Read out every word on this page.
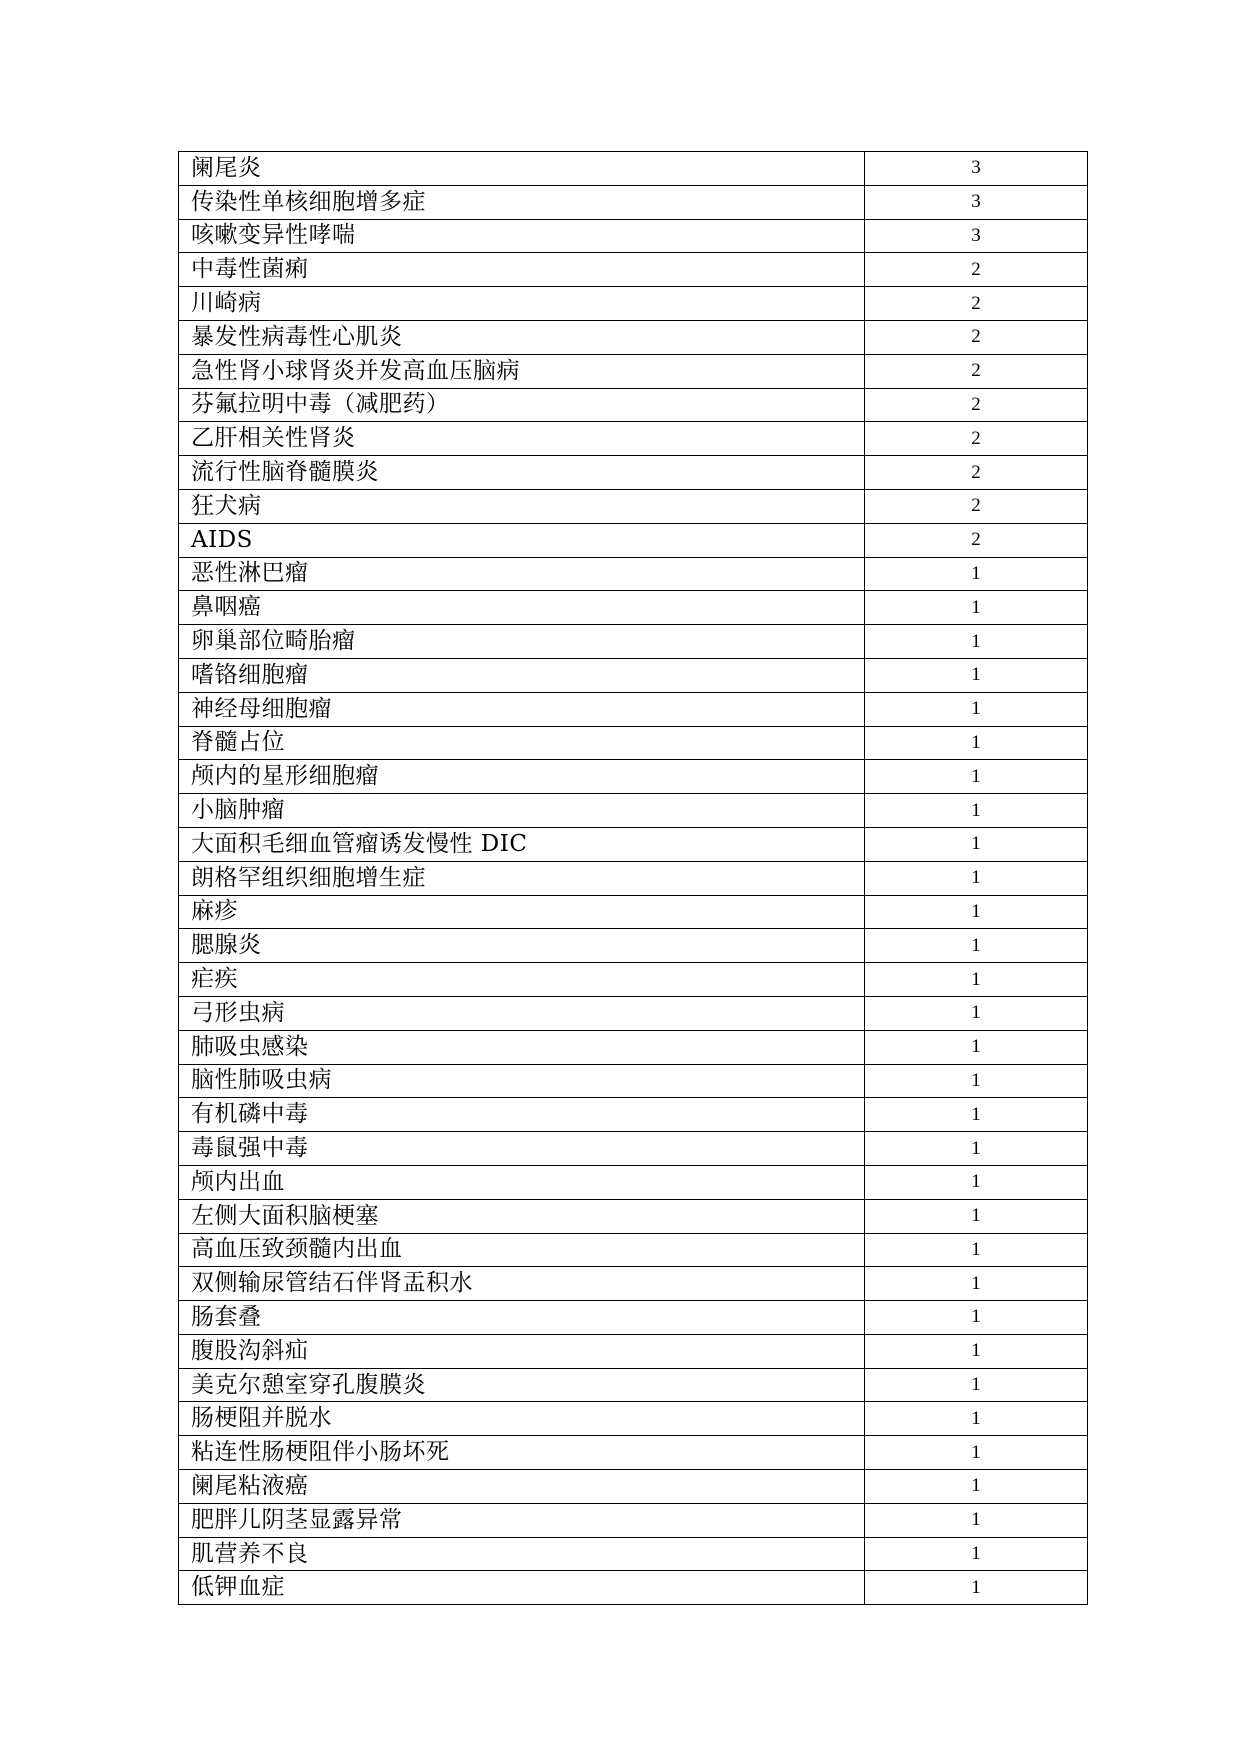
阑尾炎	3
传染性单核细胞增多症	3
咳嗽变异性哮喘	3
中毒性菌痢	2
川崎病	2
暴发性病毒性心肌炎	2
急性肾小球肾炎并发高血压脑病	2
芬氟拉明中毒（减肥药）	2
乙肝相关性肾炎	2
流行性脑脊髓膜炎	2
狂犬病	2
AIDS	2
恶性淋巴瘤	1
鼻咽癌	1
卵巢部位畸胎瘤	1
嗜铬细胞瘤	1
神经母细胞瘤	1
脊髓占位	1
颅内的星形细胞瘤	1
小脑肿瘤	1
大面积毛细血管瘤诱发慢性 DIC	1
朗格罕组织细胞增生症	1
麻疹	1
腮腺炎	1
疟疾	1
弓形虫病	1
肺吸虫感染	1
脑性肺吸虫病	1
有机磷中毒	1
毒鼠强中毒	1
颅内出血	1
左侧大面积脑梗塞	1
高血压致颈髓内出血	1
双侧输尿管结石伴肾盂积水	1
肠套叠	1
腹股沟斜疝	1
美克尔憩室穿孔腹膜炎	1
肠梗阻并脱水	1
粘连性肠梗阻伴小肠坏死	1
阑尾粘液癌	1
肥胖儿阴茎显露异常	1
肌营养不良	1
低钾血症	1
